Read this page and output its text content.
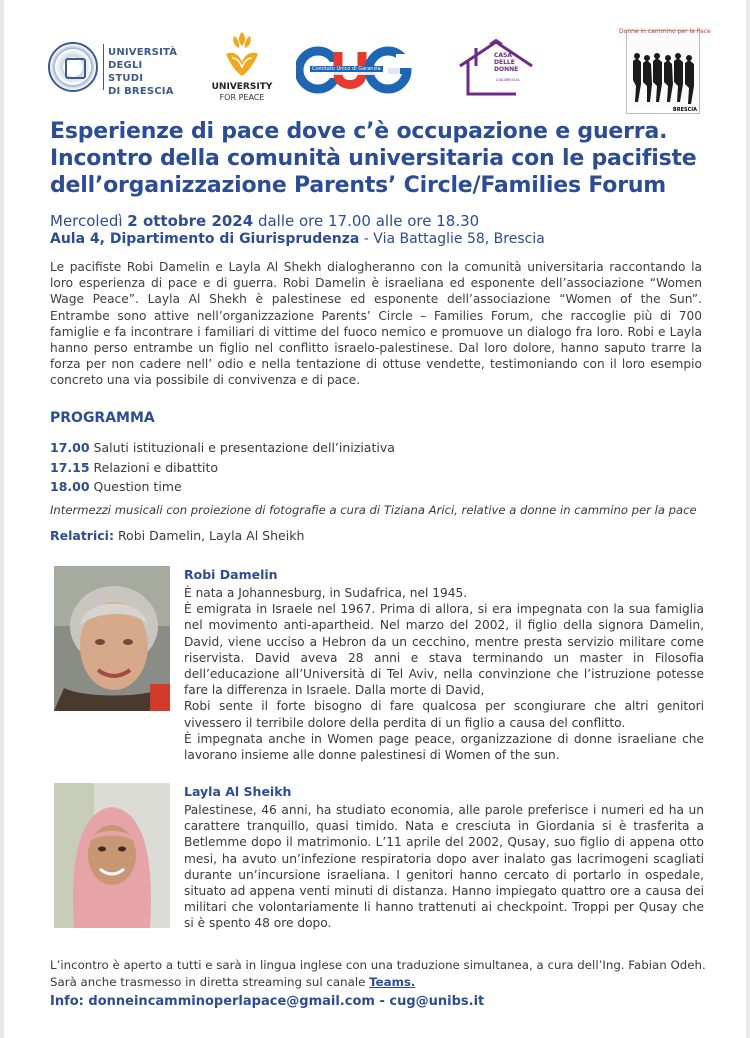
UNIVERSITÀ
DEGLI STUDI
DI BRESCIA	UNIVERSITY
FOR PEACE
Comitato Unico di Garanzia
CASA
DELLE
DONNE
CaD-BRESCIA
Donne in cammino per la Pace
BRESCIA
Esperienze di pace dove c’è occupazione e guerra. Incontro della comunità universitaria con le pacifiste dell’organizzazione Parents’ Circle/Families Forum
Mercoledì 2 ottobre 2024 dalle ore 17.00 alle ore 18.30
Aula 4, Dipartimento di Giurisprudenza - Via Battaglie 58, Brescia
Le pacifiste Robi Damelin e Layla Al Shekh dialogheranno con la comunità universitaria raccontando la loro esperienza di pace e di guerra. Robi Damelin è israeliana ed esponente dell’associazione “Women Wage Peace”. Layla Al Shekh è palestinese ed esponente dell’associazione “Women of the Sun”. Entrambe sono attive nell’organizzazione Parents’ Circle – Families Forum, che raccoglie più di 700 famiglie e fa incontrare i familiari di vittime del fuoco nemico e promuove un dialogo fra loro. Robi e Layla hanno perso entrambe un figlio nel conflitto israelo-palestinese. Dal loro dolore, hanno saputo trarre la forza per non cadere nell’ odio e nella tentazione di ottuse vendette, testimoniando con il loro esempio concreto una via possibile di convivenza e di pace.
PROGRAMMA
17.00 Saluti istituzionali e presentazione dell’iniziativa
17.15 Relazioni e dibattito
18.00 Question time
Intermezzi musicali con proiezione di fotografie a cura di Tiziana Arici, relative a donne in cammino per la pace
Relatrici: Robi Damelin, Layla Al Sheikh
Robi Damelin

È nata a Johannesburg, in Sudafrica, nel 1945.

È emigrata in Israele nel 1967. Prima di allora, si era impegnata con la sua famiglia nel movimento anti-apartheid. Nel marzo del 2002, il figlio della signora Damelin, David, viene ucciso a Hebron da un cecchino, mentre presta servizio militare come riservista. David aveva 28 anni e stava terminando un master in Filosofia dell’educazione all’Università di Tel Aviv, nella convinzione che l’istruzione potesse fare la differenza in Israele. Dalla morte di David,

Robi sente il forte bisogno di fare qualcosa per scongiurare che altri genitori vivessero il terribile dolore della perdita di un figlio a causa del conflitto.

È impegnata anche in Women page peace, organizzazione di donne israeliane che lavorano insieme alle donne palestinesi di Women of the sun.

Layla Al Sheikh

Palestinese, 46 anni, ha studiato economia, alle parole preferisce i numeri ed ha un carattere tranquillo, quasi timido. Nata e cresciuta in Giordania si è trasferita a Betlemme dopo il matrimonio. L’11 aprile del 2002, Qusay, suo figlio di appena otto mesi, ha avuto un’infezione respiratoria dopo aver inalato gas lacrimogeni scagliati durante un’incursione israeliana. I genitori hanno cercato di portarlo in ospedale, situato ad appena venti minuti di distanza. Hanno impiegato quattro ore a causa dei militari che volontariamente li hanno trattenuti ai checkpoint. Troppi per Qusay che si è spento 48 ore dopo.

L’incontro è aperto a tutti e sarà in lingua inglese con una traduzione simultanea, a cura dell’Ing. Fabian Odeh.
Sarà anche trasmesso in diretta streaming sul canale Teams.
Info: donneincamminoperlapace@gmail.com - cug@unibs.it
